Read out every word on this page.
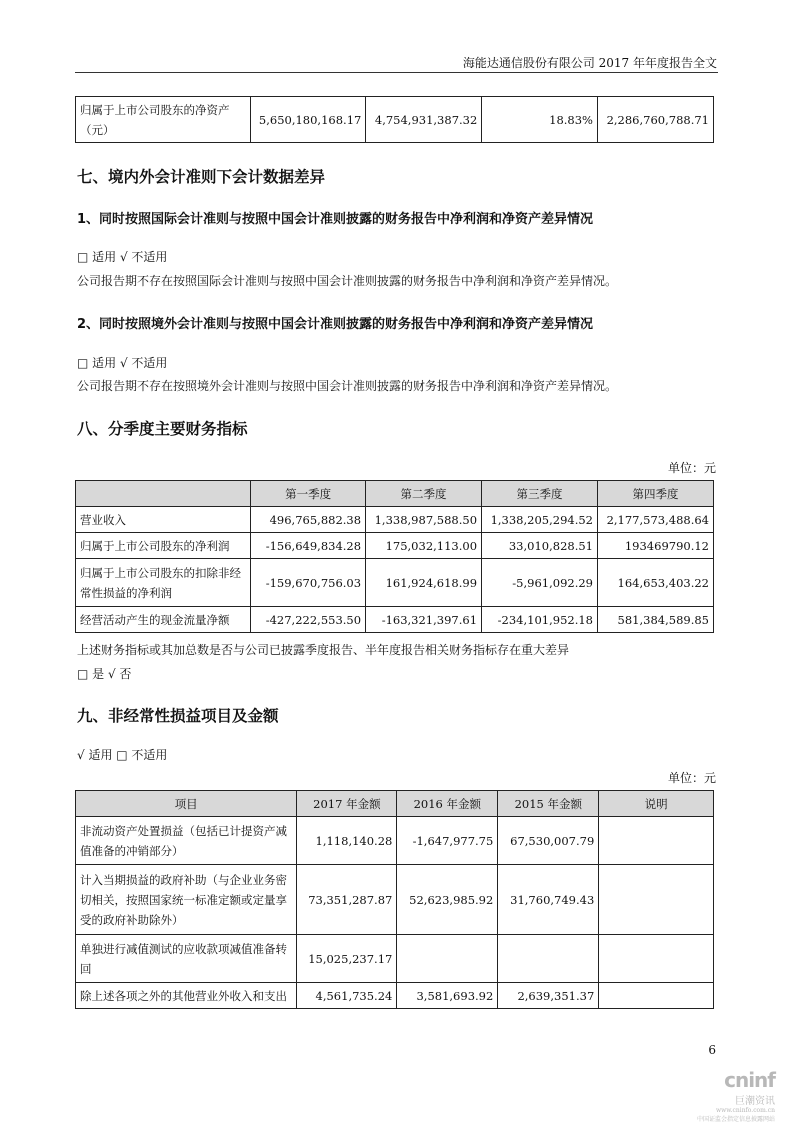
海能达通信股份有限公司 2017 年年度报告全文
归属于上市公司股东的净资产（元）	5,650,180,168.17	4,754,931,387.32	18.83%	2,286,760,788.71
七、境内外会计准则下会计数据差异
1、同时按照国际会计准则与按照中国会计准则披露的财务报告中净利润和净资产差异情况
□ 适用 √ 不适用
公司报告期不存在按照国际会计准则与按照中国会计准则披露的财务报告中净利润和净资产差异情况。
2、同时按照境外会计准则与按照中国会计准则披露的财务报告中净利润和净资产差异情况
□ 适用 √ 不适用
公司报告期不存在按照境外会计准则与按照中国会计准则披露的财务报告中净利润和净资产差异情况。
八、分季度主要财务指标
单位：元
	第一季度	第二季度	第三季度	第四季度
营业收入	496,765,882.38	1,338,987,588.50	1,338,205,294.52	2,177,573,488.64
归属于上市公司股东的净利润	-156,649,834.28	175,032,113.00	33,010,828.51	193469790.12
归属于上市公司股东的扣除非经常性损益的净利润	-159,670,756.03	161,924,618.99	-5,961,092.29	164,653,403.22
经营活动产生的现金流量净额	-427,222,553.50	-163,321,397.61	-234,101,952.18	581,384,589.85
上述财务指标或其加总数是否与公司已披露季度报告、半年度报告相关财务指标存在重大差异
□ 是 √ 否
九、非经常性损益项目及金额
√ 适用 □ 不适用
单位：元
项目	2017 年金额	2016 年金额	2015 年金额	说明
非流动资产处置损益（包括已计提资产减值准备的冲销部分）	1,118,140.28	-1,647,977.75	67,530,007.79	
计入当期损益的政府补助（与企业业务密切相关，按照国家统一标准定额或定量享受的政府补助除外）	73,351,287.87	52,623,985.92	31,760,749.43	
单独进行减值测试的应收款项减值准备转回	15,025,237.17			
除上述各项之外的其他营业外收入和支出	4,561,735.24	3,581,693.92	2,639,351.37	
6
cninf
巨潮资讯
www.cninfo.com.cn
中国证监会指定信息披露网站
